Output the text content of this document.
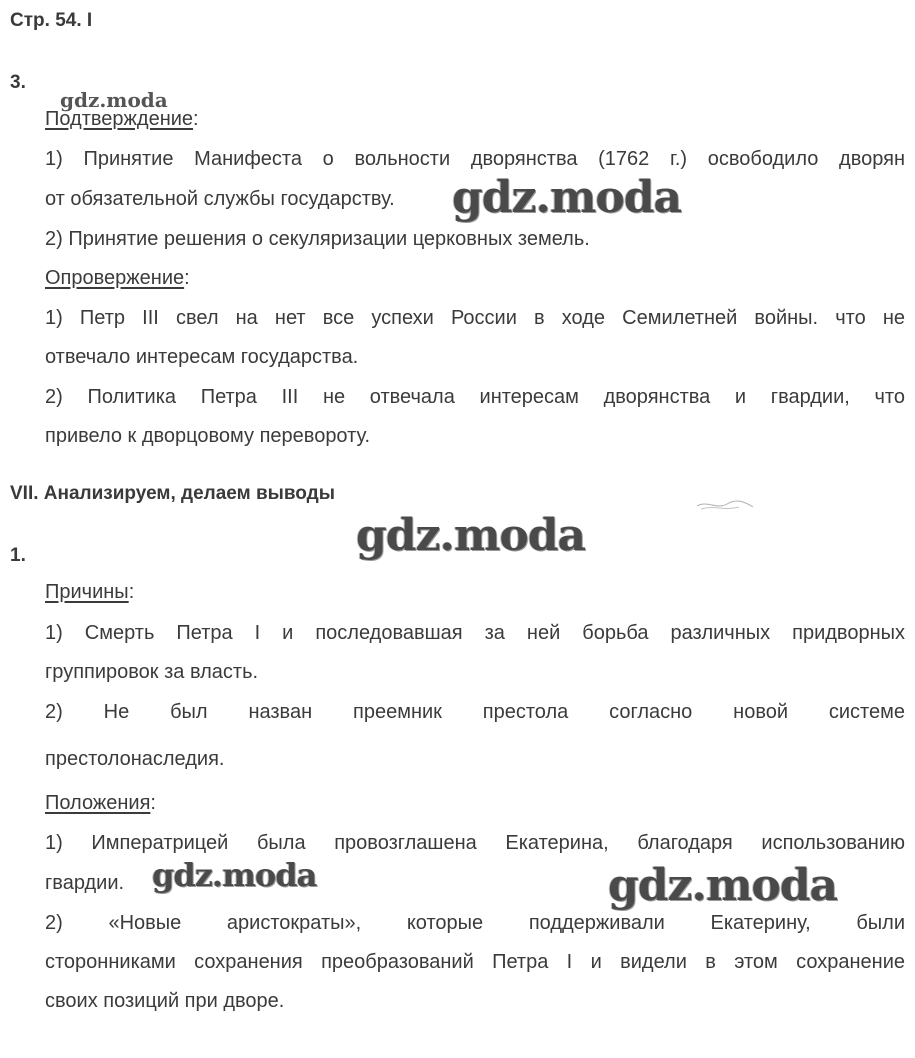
Стр. 54. I
3.
Подтверждение:
1) Принятие Манифеста о вольности дворянства (1762 г.) освободило дворян
от обязательной службы государству.
2) Принятие решения о секуляризации церковных земель.
Опровержение:
1) Петр III свел на нет все успехи России в ходе Семилетней войны. что не
отвечало интересам государства.
2) Политика Петра III не отвечала интересам дворянства и гвардии, что
привело к дворцовому перевороту.
VII. Анализируем, делаем выводы
1.
Причины:
1) Смерть Петра I и последовавшая за ней борьба различных придворных
группировок за власть.
2) Не был назван преемник престола согласно новой системе
престолонаследия.
Положения:
1) Императрицей была провозглашена Екатерина, благодаря использованию
гвардии.
2) «Новые аристократы», которые поддерживали Екатерину, были
сторонниками сохранения преобразований Петра I и видели в этом сохранение
своих позиций при дворе.
gdz.moda
gdz.moda
gdz.moda
gdz.moda	gdz.moda
